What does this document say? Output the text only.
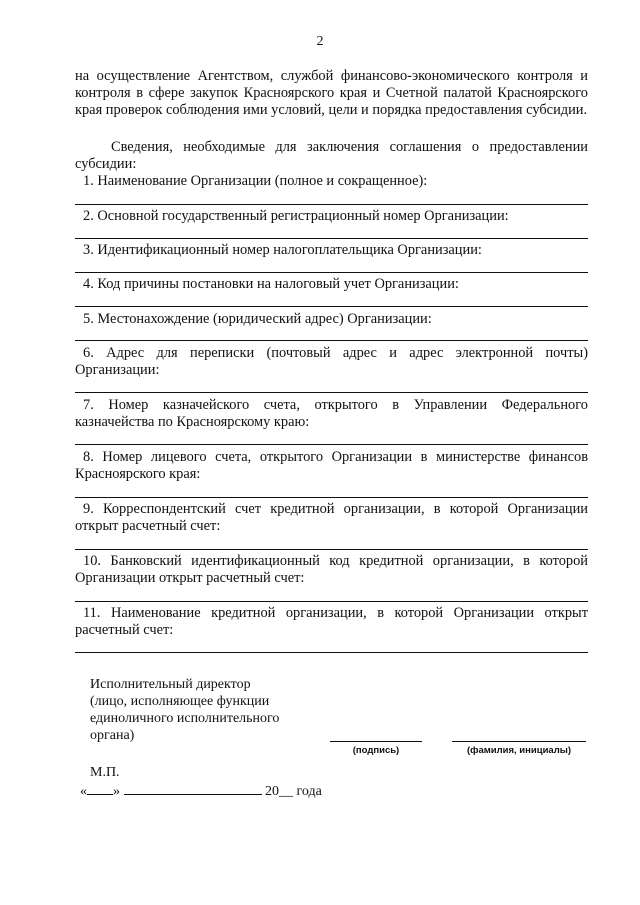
2
на осуществление Агентством, службой финансово-экономического контроля и контроля в сфере закупок Красноярского края и Счетной палатой Красноярского края проверок соблюдения ими условий, цели и порядка предоставления субсидии.
Сведения, необходимые для заключения соглашения о предоставлении субсидии:
1. Наименование Организации (полное и сокращенное):
2. Основной государственный регистрационный номер Организации:
3. Идентификационный номер налогоплательщика Организации:
4. Код причины постановки на налоговый учет Организации:
5. Местонахождение (юридический адрес) Организации:
6. Адрес для переписки (почтовый адрес и адрес электронной почты) Организации:
7. Номер казначейского счета, открытого в Управлении Федерального казначейства по Красноярскому краю:
8. Номер лицевого счета, открытого Организации в министерстве финансов Красноярского края:
9. Корреспондентский счет кредитной организации, в которой Организации открыт расчетный счет:
10. Банковский идентификационный код кредитной организации, в которой Организации открыт расчетный счет:
11. Наименование кредитной организации, в которой Организации открыт расчетный счет:
Исполнительный директор
(лицо, исполняющее функции единоличного исполнительного органа)
(подпись)	(фамилия, инициалы)
М.П.
« »	20__ года
